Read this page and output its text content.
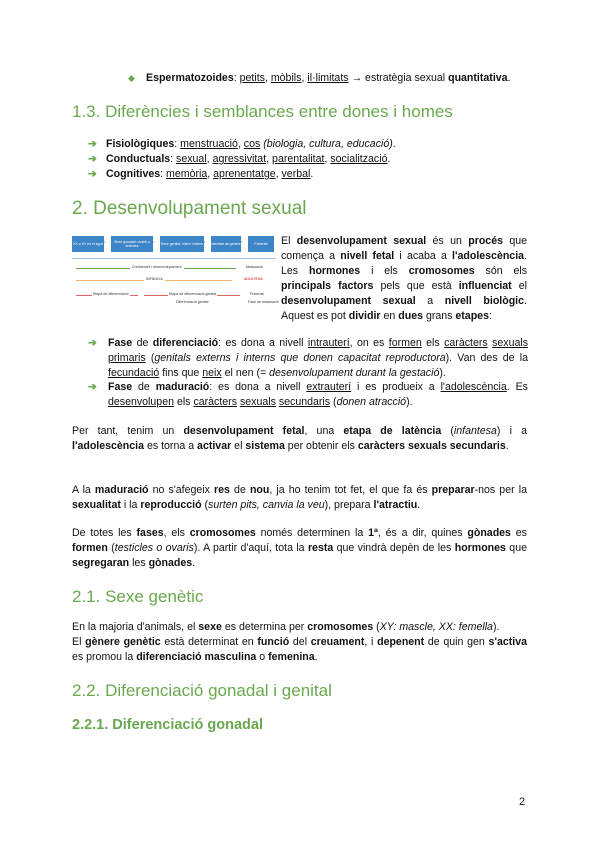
◆ Espermatozoides: petits, mòbils, il·limitats → estratègia sexual quantitativa.
1.3. Diferències i semblances entre dones i homes
➔ Fisiològiques: menstruació, cos (biologia, cultura, educació).
➔ Conductuals: sexual, agressivitat, parentalitat, socialització.
➔ Cognitives: memòria, aprenentatge, verbal.
2. Desenvolupament sexual
XX o XY en el zigot	Sexe gonadal: ovaris o testicles	Sexe genital: intern i extern Identitat de gènere	Pubertat
›	›	›	›
Creixement i desenvolupament	Maduració
INFÀNCIA	ADULTESA
Etapa de diferenciació	Etapa de diferenciació genital	Pubertat
Diferenciació genital	Fase de maduració

El desenvolupament sexual és un procés que comença a nivell fetal i acaba a l'adolescència. Les hormones i els cromosomes són els principals factors pels que està influenciat el desenvolupament sexual a nivell biològic. Aquest es pot dividir en dues grans etapes:

➔	Fase de diferenciació: es dona a nivell intrauterí, on es formen els caràcters sexuals primaris (genitals externs i interns que donen capacitat reproductora). Van des de la fecundació fins que neix el nen (= desenvolupament durant la gestació).
➔	Fase de maduració: es dona a nivell extrauterí i es produeix a l'adolescència. Es desenvolupen els caràcters sexuals secundaris (donen atracció).

Per tant, tenim un desenvolupament fetal, una etapa de latència (infantesa) i a l'adolescència es torna a activar el sistema per obtenir els caràcters sexuals secundaris.

A la maduració no s'afegeix res de nou, ja ho tenim tot fet, el que fa és preparar-nos per la sexualitat i la reproducció (surten pits, canvia la veu), prepara l'atractiu.

De totes les fases, els cromosomes només determinen la 1ª, és a dir, quines gònades es formen (testicles o ovaris). A partir d'aquí, tota la resta que vindrà depèn de les hormones que segregaran les gònades.

2.1. Sexe genètic

En la majoria d'animals, el sexe es determina per cromosomes (XY: mascle, XX: femella).
El gènere genètic està determinat en funció del creuament, i depenent de quin gen s'activa es promou la diferenciació masculina o femenina.

2.2. Diferenciació gonadal i genital
2.2.1. Diferenciació gonadal
2
